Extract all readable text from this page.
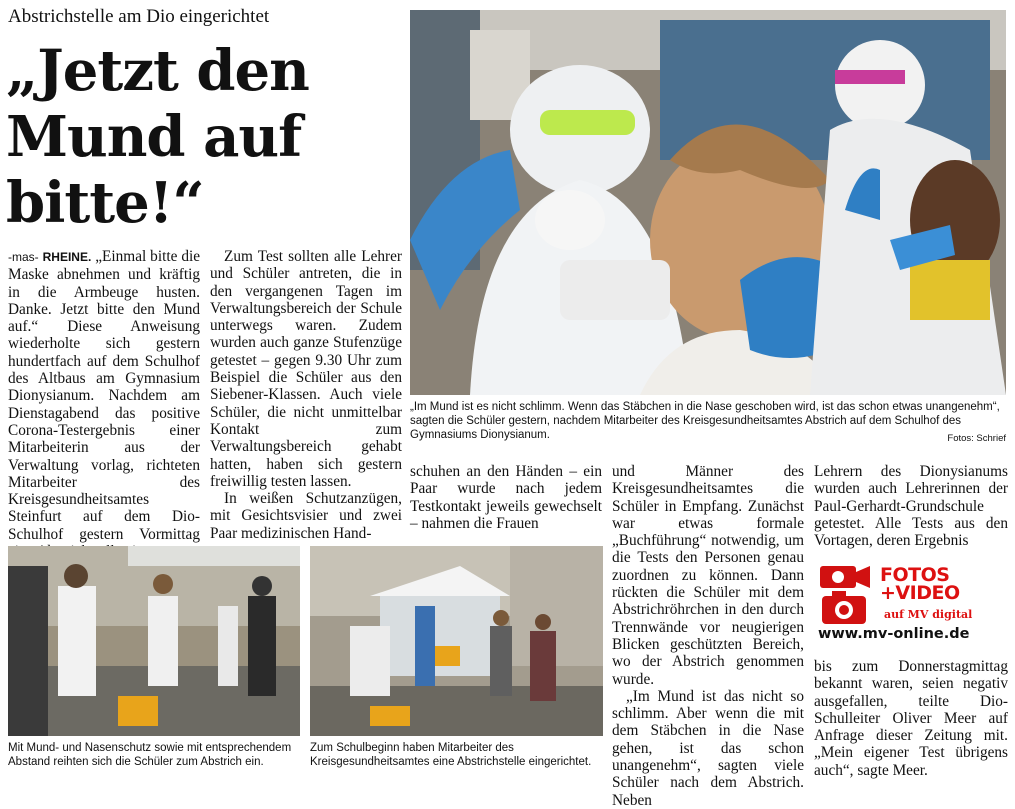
Abstrichstelle am Dio eingerichtet
„Jetzt den
Mund auf
bitte!“

-mas- RHEINE. „Einmal bitte die Maske abnehmen und kräftig in die Armbeuge husten. Danke. Jetzt bitte den Mund auf.“ Diese Anweisung wiederholte sich gestern hundertfach auf dem Schulhof des Altbaus am Gymnasium Dionysianum. Nachdem am Dienstagabend das positive Corona-Testergebnis einer Mitarbeiterin aus der Verwaltung vorlag, richteten Mitarbeiter des Kreisgesundheitsamtes Steinfurt auf dem Dio-Schulhof gestern Vormittag

Zum Test sollten alle Lehrer und Schüler antreten, die in den vergangenen Tagen im Verwaltungsbereich der Schule unterwegs waren. Zudem wurden auch ganze Stufenzüge getestet – gegen 9.30 Uhr zum Beispiel die Schüler aus den Siebener-Klassen. Auch viele Schüler, die nicht unmittelbar Kontakt zum Verwaltungsbereich gehabt hatten, haben sich gestern freiwillig testen lassen.

In weißen Schutzanzügen, mit Gesichtsvisier und zwei Paar medizinischen Hand-

„Im Mund ist es nicht schlimm. Wenn das Stäbchen in die Nase geschoben wird, ist das schon etwas unangenehm“, sagten die Schüler gestern, nachdem Mitarbeiter des Kreisgesundheitsamtes Abstrich auf dem Schulhof des Gymnasiums Dionysianum.	Fotos: Schrief

schuhen an den Händen – ein Paar wurde nach jedem Testkontakt jeweils gewechselt – nahmen die Frauen

und Männer des Kreisgesundheitsamtes die Schüler in Empfang. Zunächst war etwas formale „Buchführung“ notwendig, um die Tests den Personen genau zuordnen zu können. Dann rückten die Schüler mit dem Abstrichröhrchen in den durch Trennwände vor neugierigen Blicken geschützten Bereich, wo der Abstrich genommen wurde.

„Im Mund ist das nicht so schlimm. Aber wenn die mit dem Stäbchen in die Nase gehen, ist das schon unangenehm“, sagten viele Schüler nach dem Abstrich. Neben

Lehrern des Dionysianums wurden auch Lehrerinnen der Paul-Gerhardt-Grundschule getestet. Alle Tests aus den Vortagen, deren Ergebnis

FOTOS
+VIDEO
auf MV digital
www.mv-online.de

bis zum Donnerstagmittag bekannt waren, seien negativ ausgefallen, teilte Dio-Schulleiter Oliver Meer auf Anfrage dieser Zeitung mit. „Mein eigener Test übrigens auch“, sagte Meer.

Mit Mund- und Nasenschutz sowie mit entsprechendem Abstand reihten sich die Schüler zum Abstrich ein.
Zum Schulbeginn haben Mitarbeiter des Kreisgesundheitsamtes eine Abstrichstelle eingerichtet.
